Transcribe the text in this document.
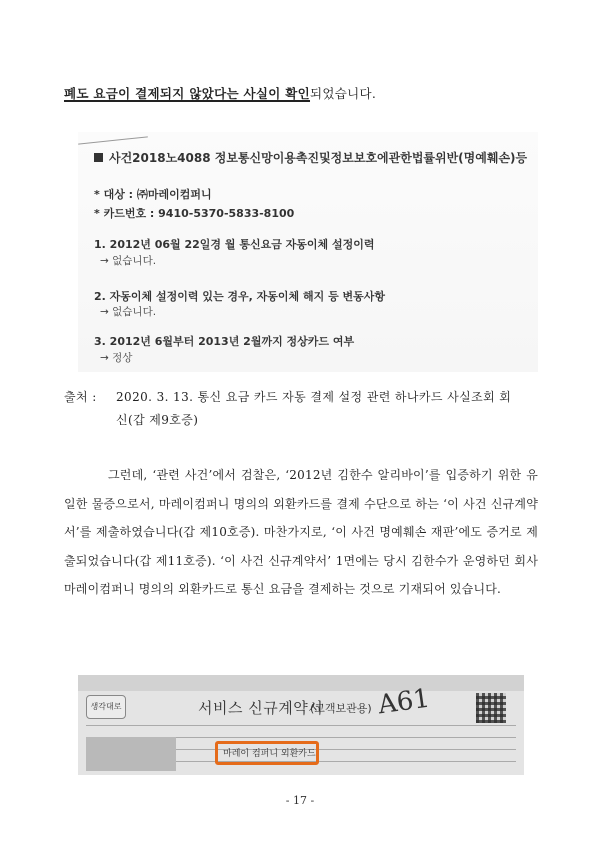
폐도 요금이 결제되지 않았다는 사실이 확인되었습니다.
사건2018노4088 정보통신망이용촉진및정보보호에관한법률위반(명예훼손)등
* 대상 : ㈜마레이컴퍼니
* 카드번호 : 9410-5370-5833-8100
1. 2012년 06월 22일경 월 통신요금 자동이체 설정이력
→ 없습니다.
2. 자동이체 설정이력 있는 경우, 자동이체 해지 등 변동사항
→ 없습니다.
3. 2012년 6월부터 2013년 2월까지 정상카드 여부
→ 정상
출처 : 2020. 3. 13. 통신 요금 카드 자동 결제 설정 관련 하나카드 사실조회 회
신(갑 제9호증)

그런데, ‘관련 사건’에서 검찰은, ‘2012년 김한수 알리바이’를 입증하기 위한 유일한 물증으로서, 마레이컴퍼니 명의의 외환카드를 결제 수단으로 하는 ‘이 사건 신규계약서’를 제출하였습니다(갑 제10호증). 마찬가지로, ‘이 사건 명예훼손 재판’에도 증거로 제출되었습니다(갑 제11호증). ‘이 사건 신규계약서’ 1면에는 당시 김한수가 운영하던 회사 마레이컴퍼니 명의의 외환카드로 통신 요금을 결제하는 것으로 기재되어 있습니다.

생각대로	서비스 신규계약서
(고객보관용) A61
마레이 컴퍼니 외환카드
- 17 -
